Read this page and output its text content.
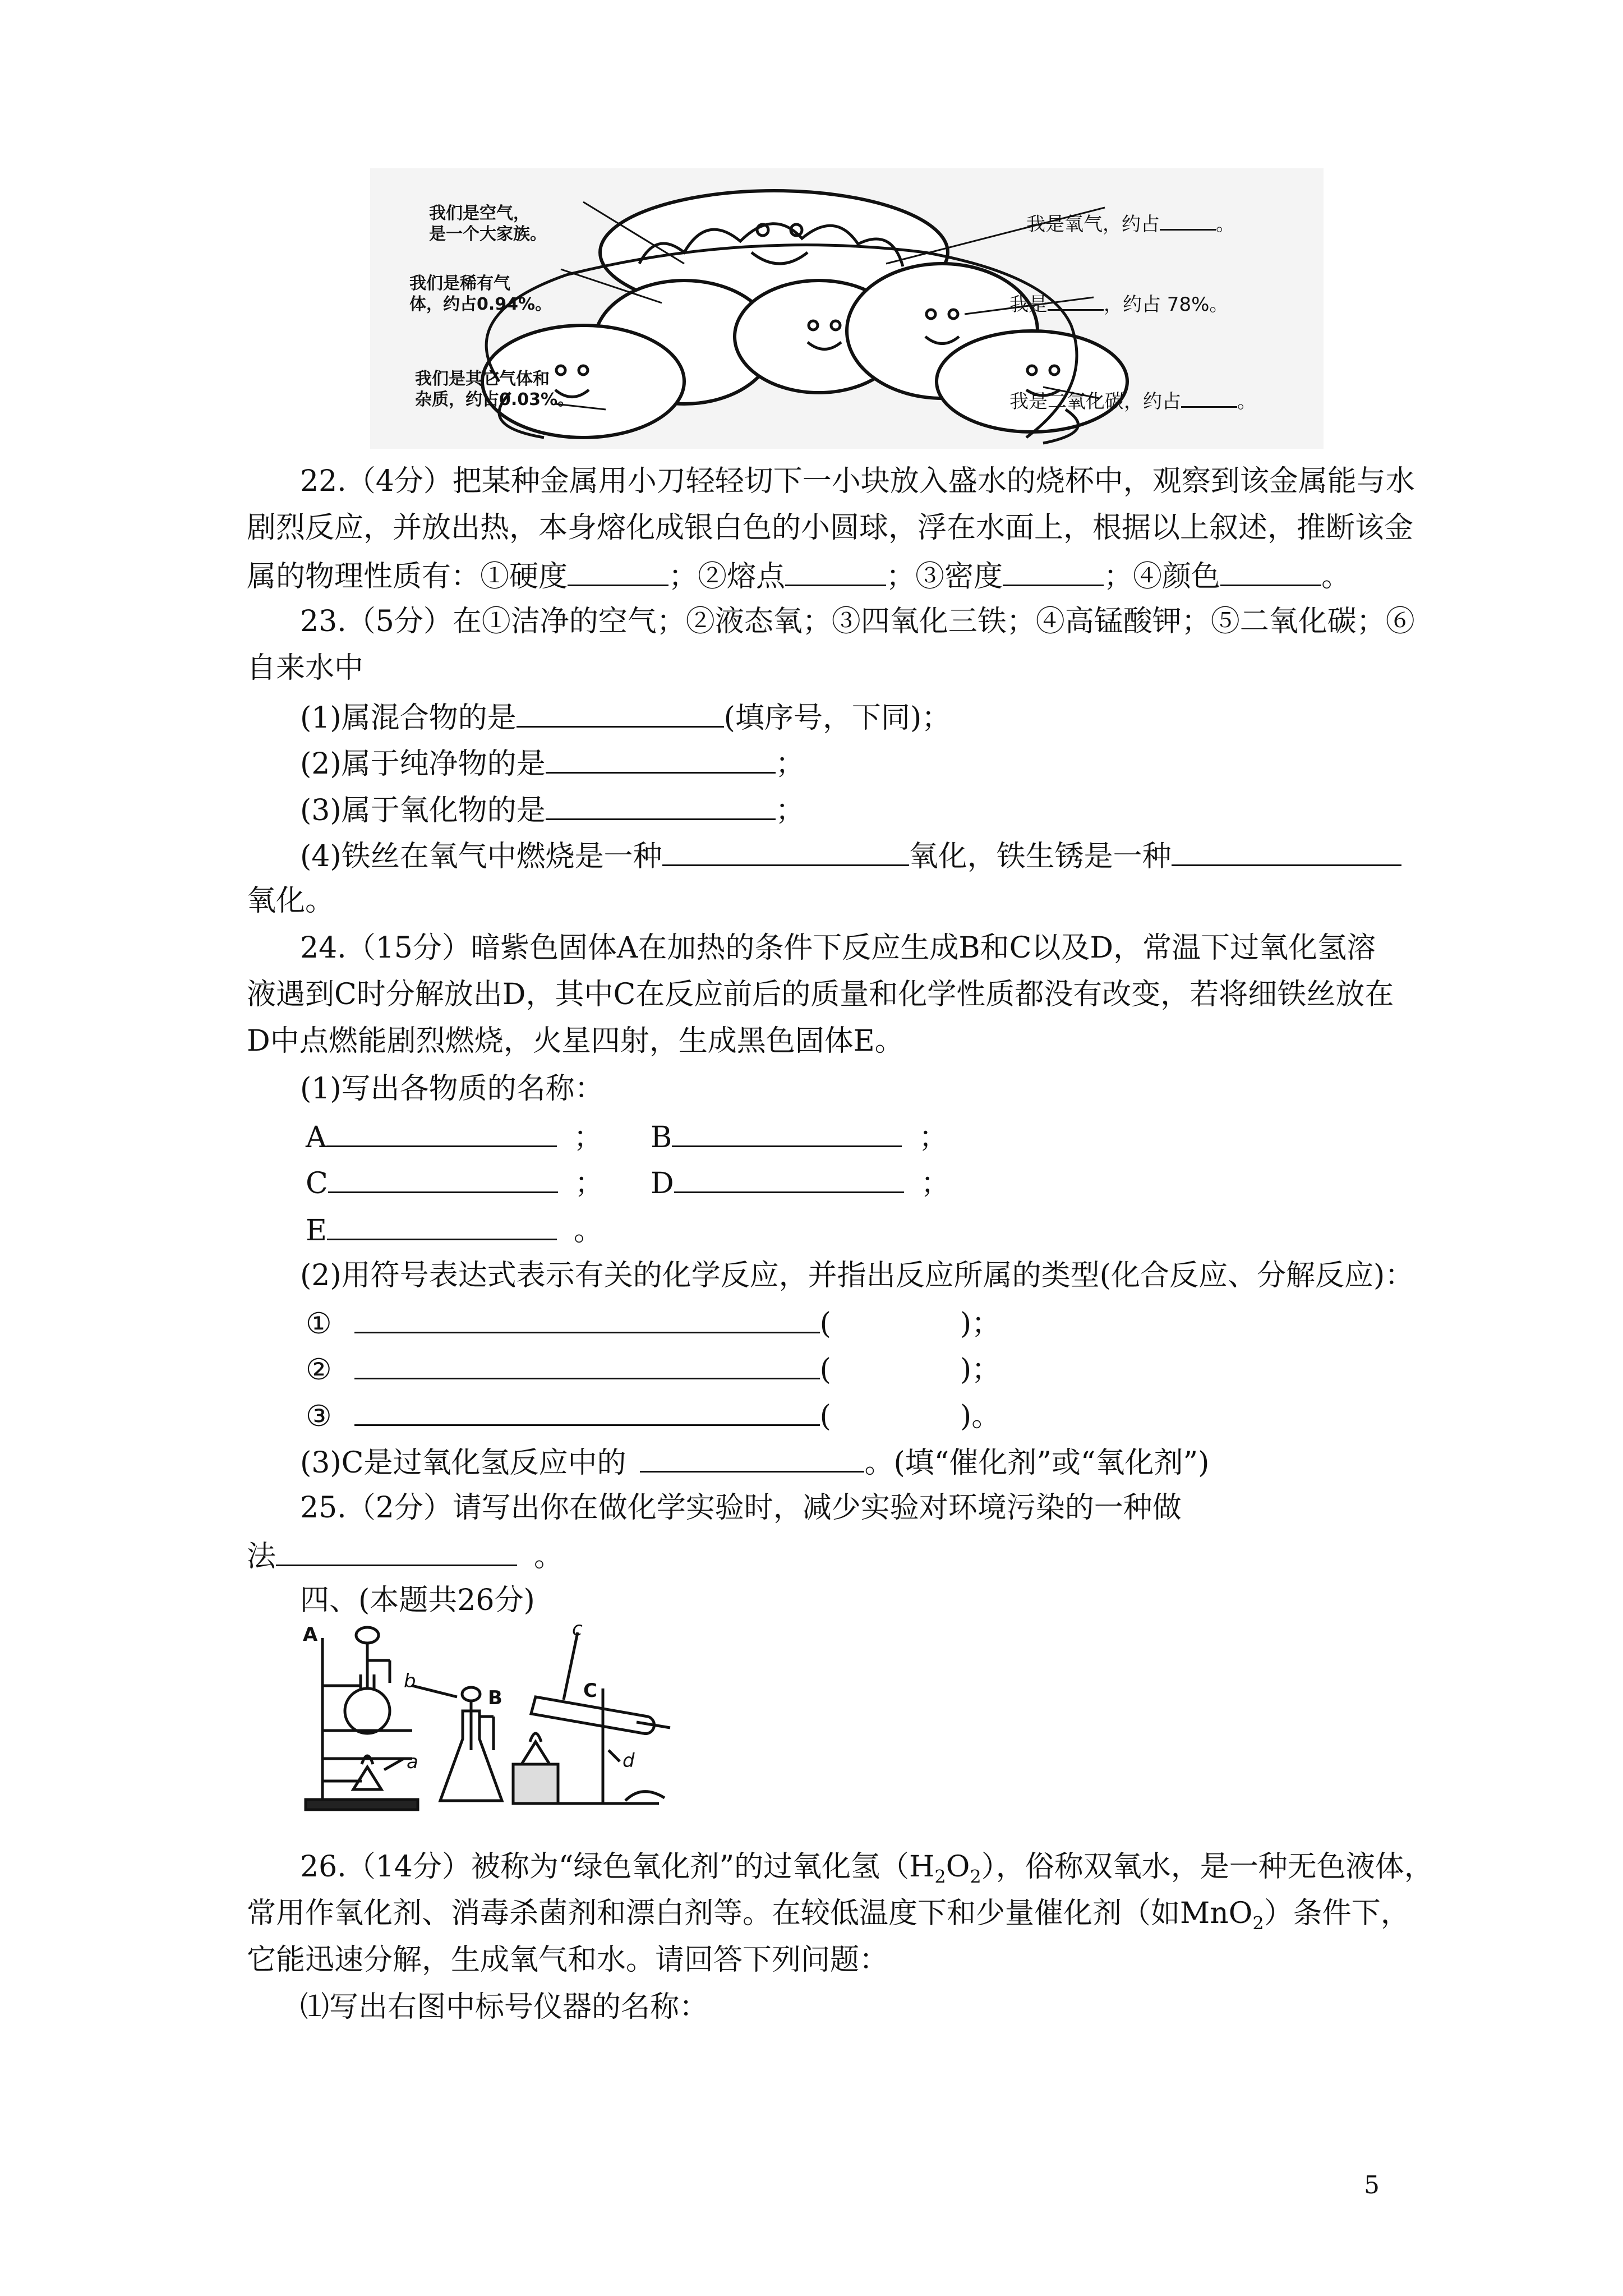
我们是空气，
是一个大家族。
我们是稀有气
体，约占0.94%。
我们是其它气体和
杂质，约占0.03%。
我是氧气，约占	。
我是	，约占 78%。
我是二氧化碳，约占	。
22.（4分）把某种金属用小刀轻轻切下一小块放入盛水的烧杯中，观察到该金属能与水
剧烈反应，并放出热，本身熔化成银白色的小圆球，浮在水面上，根据以上叙述，推断该金
属的物理性质有：①硬度	；②熔点	；③密度	；④颜色	。
23.（5分）在①洁净的空气；②液态氧；③四氧化三铁；④高锰酸钾；⑤二氧化碳；⑥
自来水中
(1)属混合物的是	(填序号，下同)；
(2)属于纯净物的是	；
(3)属于氧化物的是	；
(4)铁丝在氧气中燃烧是一种	氧化，铁生锈是一种
氧化。
24.（15分）暗紫色固体A在加热的条件下反应生成B和C以及D，常温下过氧化氢溶
液遇到C时分解放出D，其中C在反应前后的质量和化学性质都没有改变，若将细铁丝放在
D中点燃能剧烈燃烧，火星四射，生成黑色固体E。
(1)写出各物质的名称：
A	； B	；
C	； D	；
E	。
(2)用符号表达式表示有关的化学反应，并指出反应所属的类型(化合反应、分解反应)：
①	(	)；
②	(	)；
③	(	)。
(3)C是过氧化氢反应中的	。(填“催化剂”或“氧化剂”)
25.（2分）请写出你在做化学实验时，减少实验对环境污染的一种做
法	。
四、(本题共26分)
A
b
B
a
c
C
d
26.（14分）被称为“绿色氧化剂”的过氧化氢$(H_2O_2)$，俗称双氧水，是一种无色液体，
常用作氧化剂、消毒杀菌剂和漂白剂等。在较低温度下和少量催化剂（如MnO$_2$）条件下，
它能迅速分解，生成氧气和水。请回答下列问题：
⑴写出右图中标号仪器的名称：
5
